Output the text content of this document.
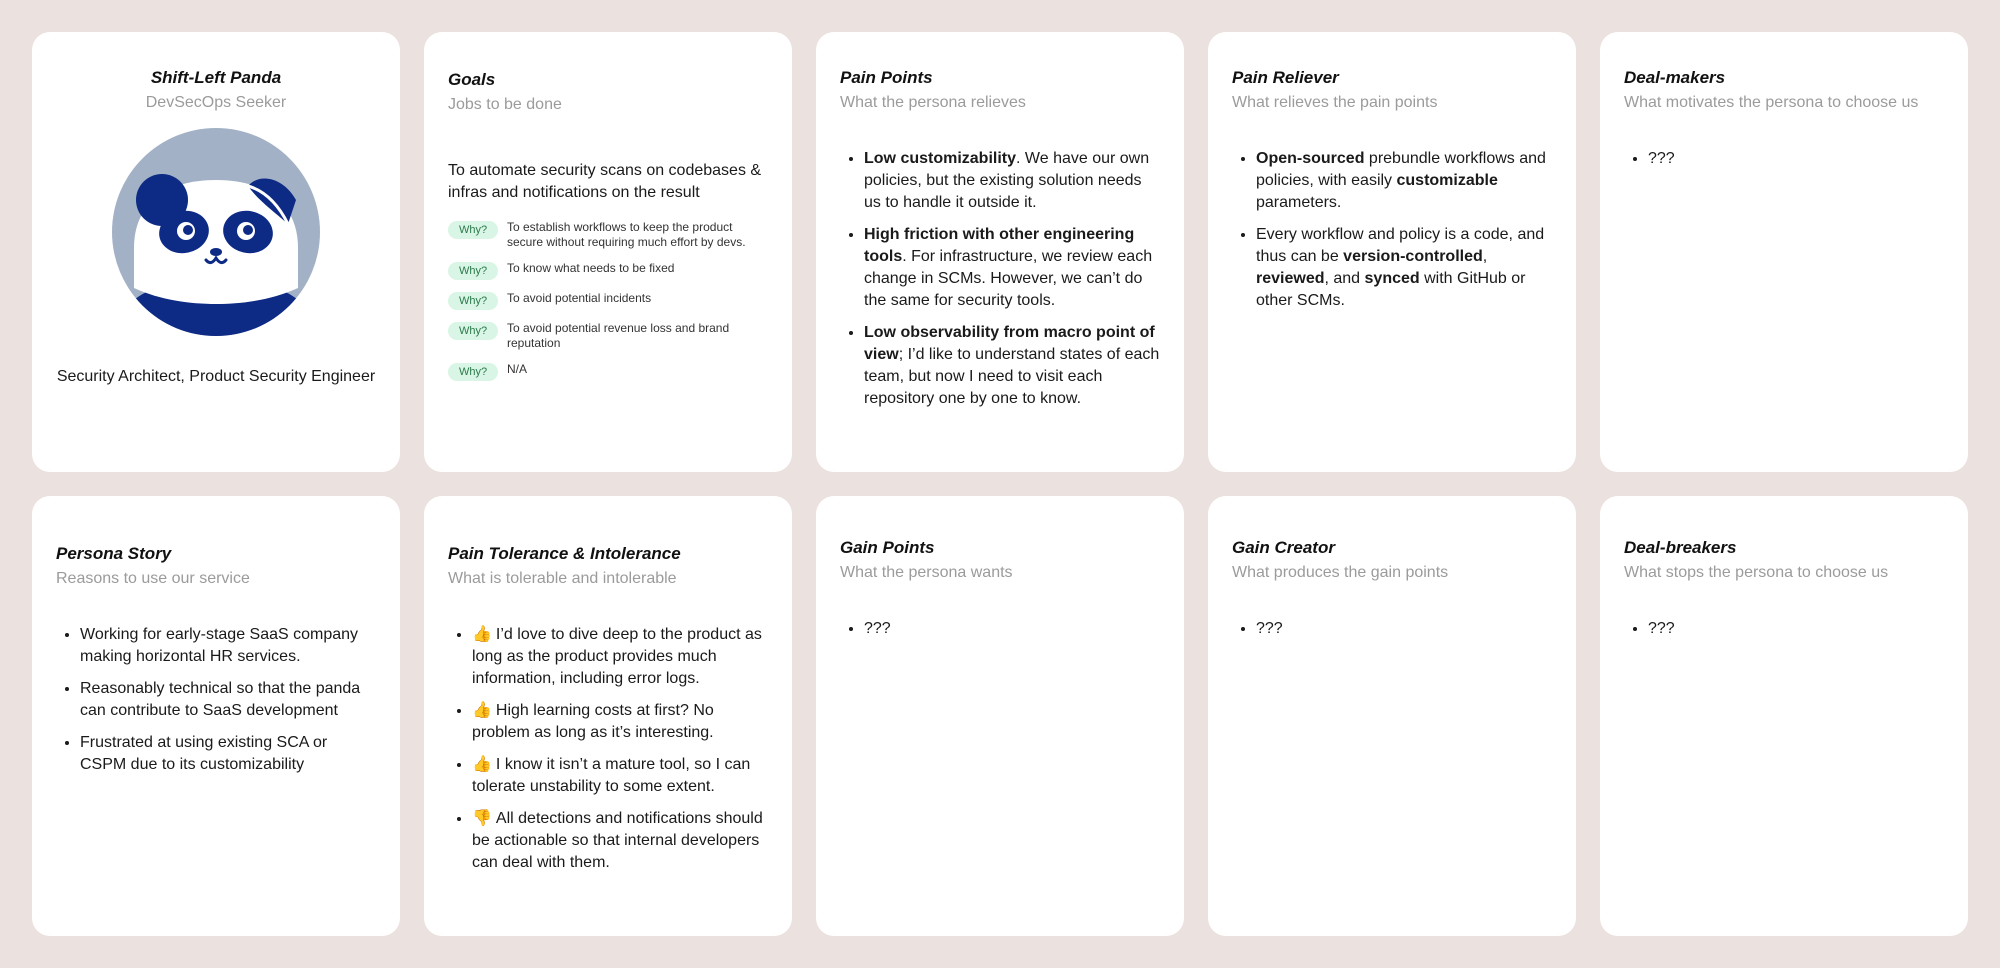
Shift-Left Panda
DevSecOps Seeker
Security Architect, Product Security Engineer
Goals
Jobs to be done
To automate security scans on codebases & infras and notifications on the result
Why?	To establish workflows to keep the product secure without requiring much effort by devs.
Why?	To know what needs to be fixed
Why?	To avoid potential incidents
Why?	To avoid potential revenue loss and brand reputation
Why?	N/A
Pain Points
What the persona relieves
• Low customizability. We have our own policies, but the existing solution needs us to handle it outside it.
• High friction with other engineering tools. For infrastructure, we review each change in SCMs. However, we can’t do the same for security tools.
• Low observability from macro point of view; I’d like to understand states of each team, but now I need to visit each repository one by one to know.
Pain Reliever
What relieves the pain points
• Open-sourced prebundle workflows and policies, with easily customizable parameters.
• Every workflow and policy is a code, and thus can be version-controlled, reviewed, and synced with GitHub or other SCMs.
Deal-makers
What motivates the persona to choose us
• ???
Persona Story
Reasons to use our service
• Working for early-stage SaaS company making horizontal HR services.
• Reasonably technical so that the panda can contribute to SaaS development
• Frustrated at using existing SCA or CSPM due to its customizability
Pain Tolerance & Intolerance
What is tolerable and intolerable
• 👍 I’d love to dive deep to the product as long as the product provides much information, including error logs.
• 👍 High learning costs at first? No problem as long as it’s interesting.
• 👍 I know it isn’t a mature tool, so I can tolerate unstability to some extent.
• 👎 All detections and notifications should be actionable so that internal developers can deal with them.
Gain Points
What the persona wants
• ???
Gain Creator
What produces the gain points
• ???
Deal-breakers
What stops the persona to choose us
• ???
